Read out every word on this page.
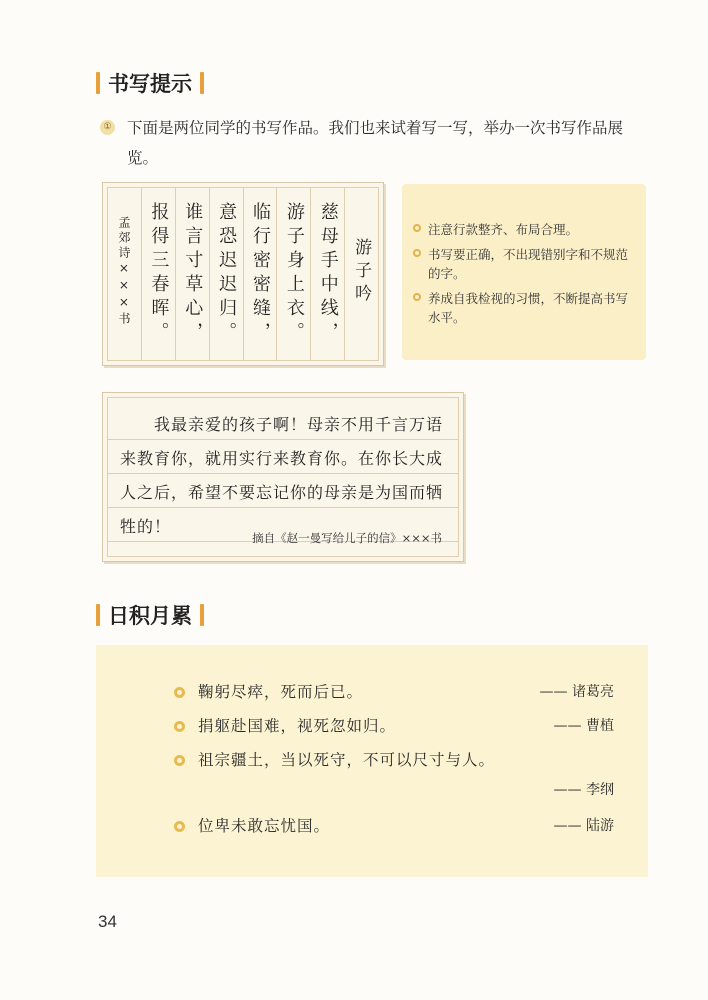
书写提示
① 下面是两位同学的书写作品。我们也来试着写一写，举办一次书写作品展览。
游子吟
慈母手中线，
游子身上衣。
临行密密缝，
意恐迟迟归。
谁言寸草心，
报得三春晖。
孟郊诗×××书	注意行款整齐、布局合理。
书写要正确，不出现错别字和不规范的字。
养成自我检视的习惯，不断提高书写水平。
我最亲爱的孩子啊！母亲不用千言万语来教育你，就用实行来教育你。在你长大成人之后，希望不要忘记你的母亲是为国而牺牲的！
摘自《赵一曼写给儿子的信》×××书
日积月累
鞠躬尽瘁，死而后已。	—— 诸葛亮
捐躯赴国难，视死忽如归。	—— 曹植
祖宗疆土，当以死守，不可以尺寸与人。
—— 李纲
位卑未敢忘忧国。	—— 陆游
34
